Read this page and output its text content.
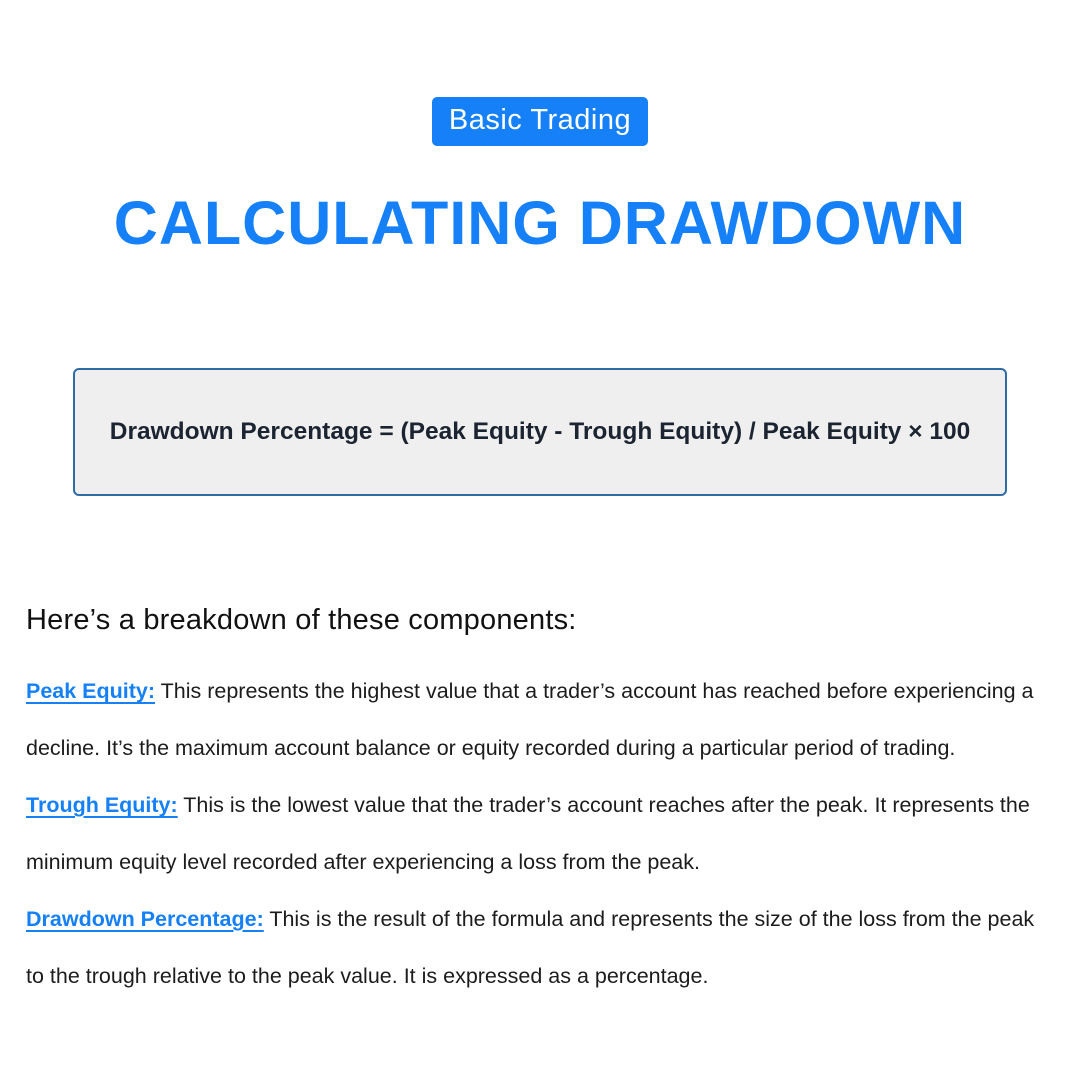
Basic Trading
CALCULATING DRAWDOWN
Drawdown Percentage = (Peak Equity - Trough Equity) / Peak Equity × 100
Here’s a breakdown of these components:

Peak Equity: This represents the highest value that a trader’s account has reached before experiencing a decline. It’s the maximum account balance or equity recorded during a particular period of trading.

Trough Equity: This is the lowest value that the trader’s account reaches after the peak. It represents the minimum equity level recorded after experiencing a loss from the peak.

Drawdown Percentage: This is the result of the formula and represents the size of the loss from the peak to the trough relative to the peak value. It is expressed as a percentage.
